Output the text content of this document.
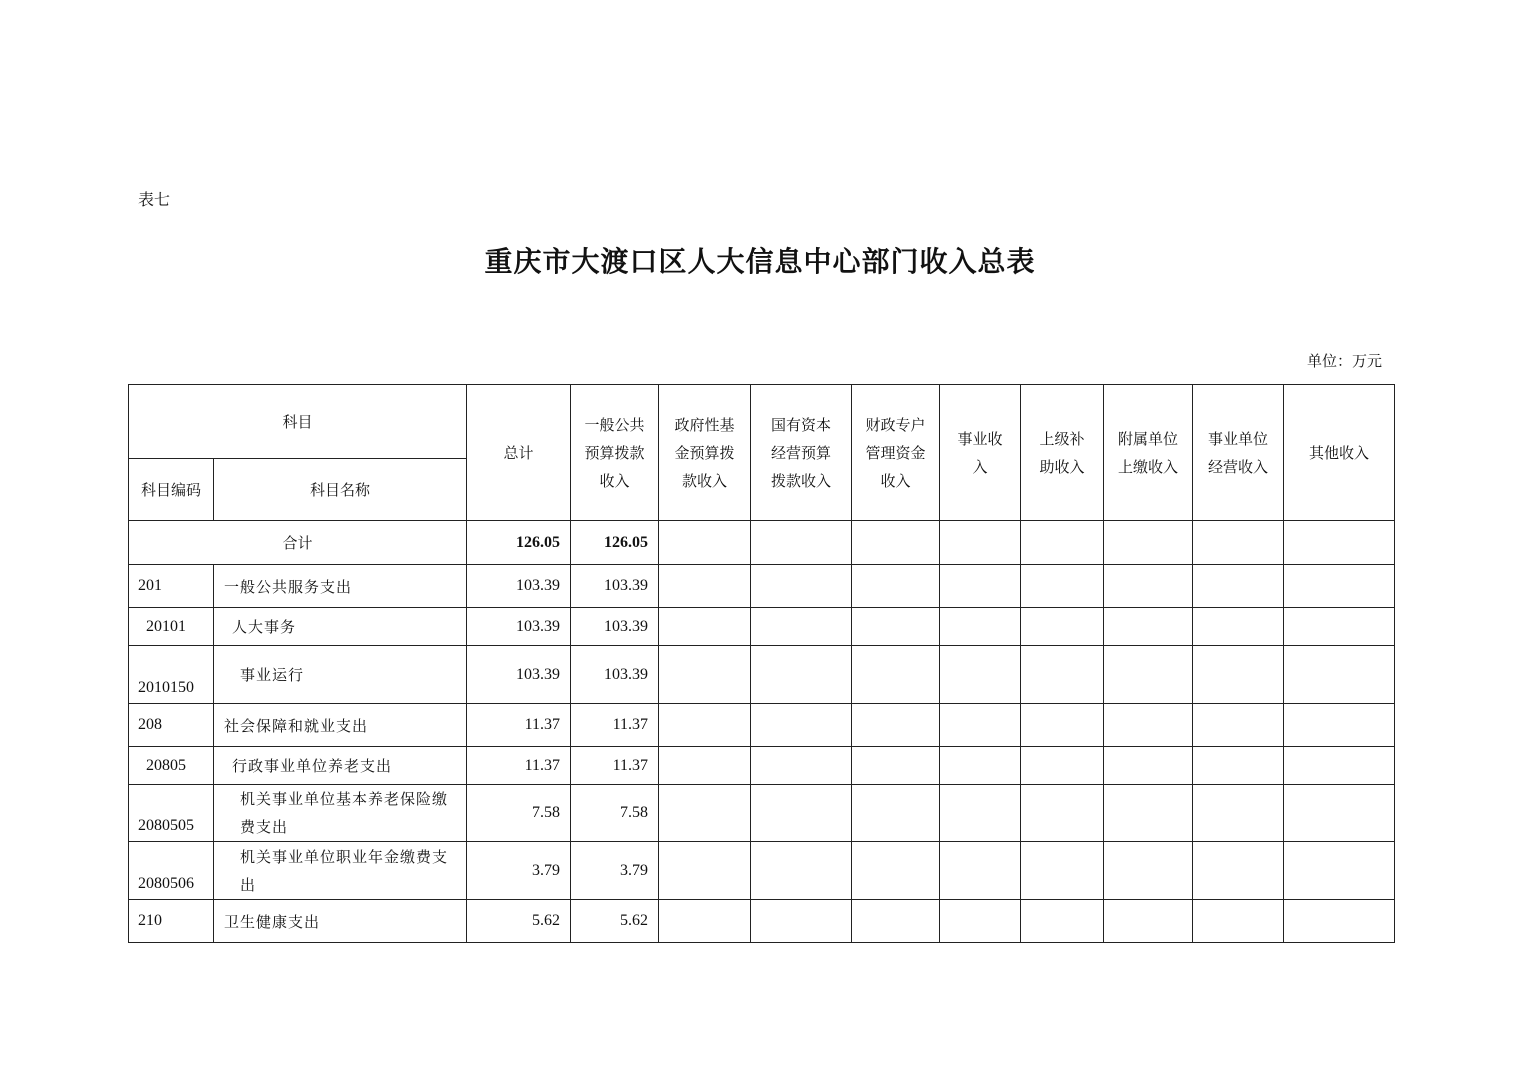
表七
重庆市大渡口区人大信息中心部门收入总表
单位：万元
科目		总计	一般公共预算拨款收入	政府性基金预算拨款收入	国有资本经营预算拨款收入	财政专户管理资金收入	事业收入	上级补助收入	附属单位上缴收入	事业单位经营收入	其他收入
科目编码	科目名称										
合计		126.05	126.05								
201	一般公共服务支出	103.39	103.39								
20101	人大事务	103.39	103.39								
2010150	事业运行	103.39	103.39								
208	社会保障和就业支出	11.37	11.37								
20805	行政事业单位养老支出	11.37	11.37								
2080505	机关事业单位基本养老保险缴费支出	7.58	7.58								
2080506	机关事业单位职业年金缴费支出	3.79	3.79								
210	卫生健康支出	5.62	5.62								
